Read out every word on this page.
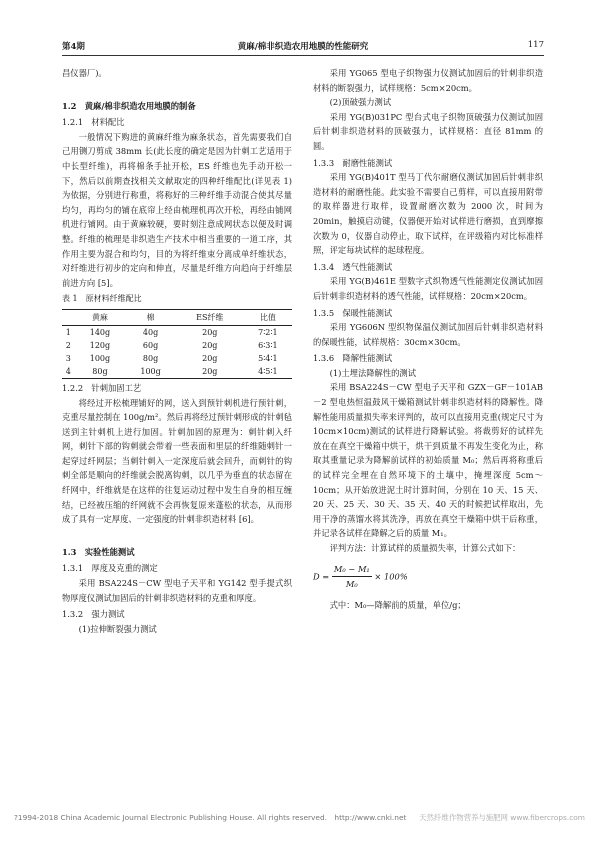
第4期	黄麻/棉非织造农用地膜的性能研究	117

昌仪器厂)。

1.2　黄麻/棉非织造农用地膜的制备

1.2.1　材料配比

一般情况下购进的黄麻纤维为麻条状态，首先需要我们自己用铡刀剪成 38mm 长(此长度的确定是因为针刺工艺适用于中长型纤维)，再将棉条手扯开松，ES 纤维也先手动开松一下，然后以前期查找相关文献取定的四种纤维配比(详见表 1)为依据，分别进行称重，将称好的三种纤维手动混合使其尽量均匀，再均匀的铺在底帘上经由梳理机再次开松，再经由铺网机进行铺网。由于黄麻较硬，要时刻注意成网状态以便及时调整。纤维的梳理是非织造生产技术中相当重要的一道工序，其作用主要为混合和均匀，目的为将纤维束分离成单纤维状态，对纤维进行初步的定向和伸直，尽量是纤维方向趋向于纤维层前进方向 [5]。

表 1　原材料纤维配比

	黄麻	棉	ES纤维	比值
1	140g	40g	20g	7∶2∶1
2	120g	60g	20g	6∶3∶1
3	100g	80g	20g	5∶4∶1
4	80g	100g	20g	4∶5∶1

1.2.2　针刺加固工艺

将经过开松梳理铺好的网，送入到预针刺机进行预针刺，克重尽量控制在 100g/m²。然后再将经过预针刺形成的针刺毡送到主针刺机上进行加固。针刺加固的原理为：刺针刺入纤网，刺针下部的钩刺就会带着一些表面和里层的纤维随刺针一起穿过纤网层；当刺针刺入一定深度后就会回升，而刺针的钩刺全部是顺向的纤维就会脱离钩刺，以几乎为垂直的状态留在纤网中，纤维就是在这样的往复运动过程中发生自身的相互缠结，已经被压缩的纤网就不会再恢复原来蓬松的状态，从而形成了具有一定厚度、一定强度的针刺非织造材料 [6]。

1.3　实验性能测试

1.3.1　厚度及克重的测定

采用 BSA224S－CW 型电子天平和 YG142 型手提式织物厚度仪测试加固后的针刺非织造材料的克重和厚度。

1.3.2　强力测试

(1)拉伸断裂强力测试

采用 YG065 型电子织物强力仪测试加固后的针刺非织造材料的断裂强力，试样规格：5cm×20cm。

(2)顶破强力测试

采用 YG(B)031PC 型台式电子织物顶破强力仪测试加固后针刺非织造材料的顶破强力，试样规格：直径 81mm 的圆。

1.3.3　耐磨性能测试

采用 YG(B)401T 型马丁代尔耐磨仪测试加固后针刺非织造材料的耐磨性能。此实验不需要自己剪样，可以直接用附带的取样器进行取样，设置耐磨次数为 2000 次，时间为 20min，触摸启动键，仪器便开始对试样进行磨损，直到摩擦次数为 0，仪器自动停止，取下试样，在评级箱内对比标准样照，评定每块试样的起球程度。

1.3.4　透气性能测试

采用 YG(B)461E 型数字式织物透气性能测定仪测试加固后针刺非织造材料的透气性能，试样规格：20cm×20cm。

1.3.5　保暖性能测试

采用 YG606N 型织物保温仪测试加固后针刺非织造材料的保暖性能，试样规格：30cm×30cm。

1.3.6　降解性能测试

(1)土埋法降解性的测试

采用 BSA224S－CW 型电子天平和 GZX－GF－101AB－2 型电热恒温鼓风干燥箱测试针刺非织造材料的降解性。降解性能用质量损失率来评判的，故可以直接用克重(规定尺寸为 10cm×10cm)测试的试样进行降解试验。将裁剪好的试样先放在在真空干燥箱中烘干，烘干到质量不再发生变化为止，称取其重量记录为降解前试样的初始质量 M₀；然后再将称重后的试样完全埋在自然环境下的土壤中，掩埋深度 5cm～10cm；从开始放进泥土时计算时间，分别在 10 天、15 天、20 天、25 天、30 天、35 天、40 天的时候把试样取出，先用干净的蒸馏水将其洗净，再放在真空干燥箱中烘干后称重，并记录各试样在降解之后的质量 M₁。

评判方法：计算试样的质量损失率，计算公式如下：

$D = \frac{\text{M₀ − M₁}}{\text{M₀}} \times 100\%$

式中：M₀—降解前的质量，单位/g；

?1994-2018 China Academic Journal Electronic Publishing House. All rights reserved.　http://www.cnki.net 天然纤维作物营养与施肥网 www.fibercrops.com
